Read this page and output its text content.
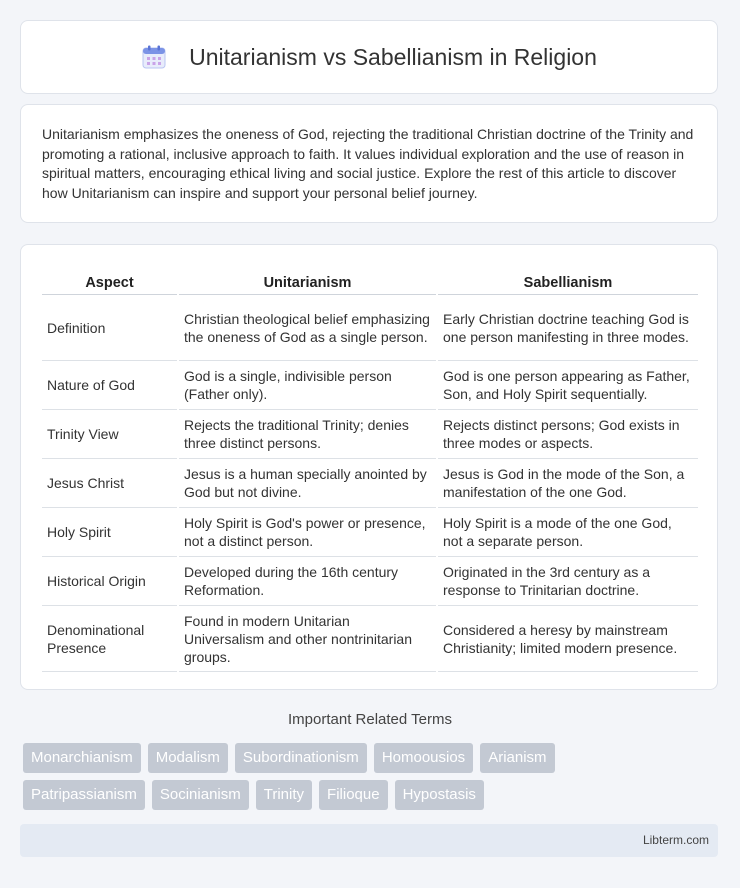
Unitarianism vs Sabellianism in Religion

Unitarianism emphasizes the oneness of God, rejecting the traditional Christian doctrine of the Trinity and promoting a rational, inclusive approach to faith. It values individual exploration and the use of reason in spiritual matters, encouraging ethical living and social justice. Explore the rest of this article to discover how Unitarianism can inspire and support your personal belief journey.

Aspect	Unitarianism	Sabellianism
Definition	Christian theological belief emphasizing the oneness of God as a single person.	Early Christian doctrine teaching God is one person manifesting in three modes.
Nature of God	God is a single, indivisible person (Father only).	God is one person appearing as Father, Son, and Holy Spirit sequentially.
Trinity View	Rejects the traditional Trinity; denies three distinct persons.	Rejects distinct persons; God exists in three modes or aspects.
Jesus Christ	Jesus is a human specially anointed by God but not divine.	Jesus is God in the mode of the Son, a manifestation of the one God.
Holy Spirit	Holy Spirit is God's power or presence, not a distinct person.	Holy Spirit is a mode of the one God, not a separate person.
Historical Origin	Developed during the 16th century Reformation.	Originated in the 3rd century as a response to Trinitarian doctrine.
Denominational Presence	Found in modern Unitarian Universalism and other nontrinitarian groups.	Considered a heresy by mainstream Christianity; limited modern presence.
Important Related Terms
Monarchianism	Modalism	Subordinationism	Homoousios	Arianism
Patripassianism	Socinianism	Trinity	Filioque	Hypostasis
Libterm.com
